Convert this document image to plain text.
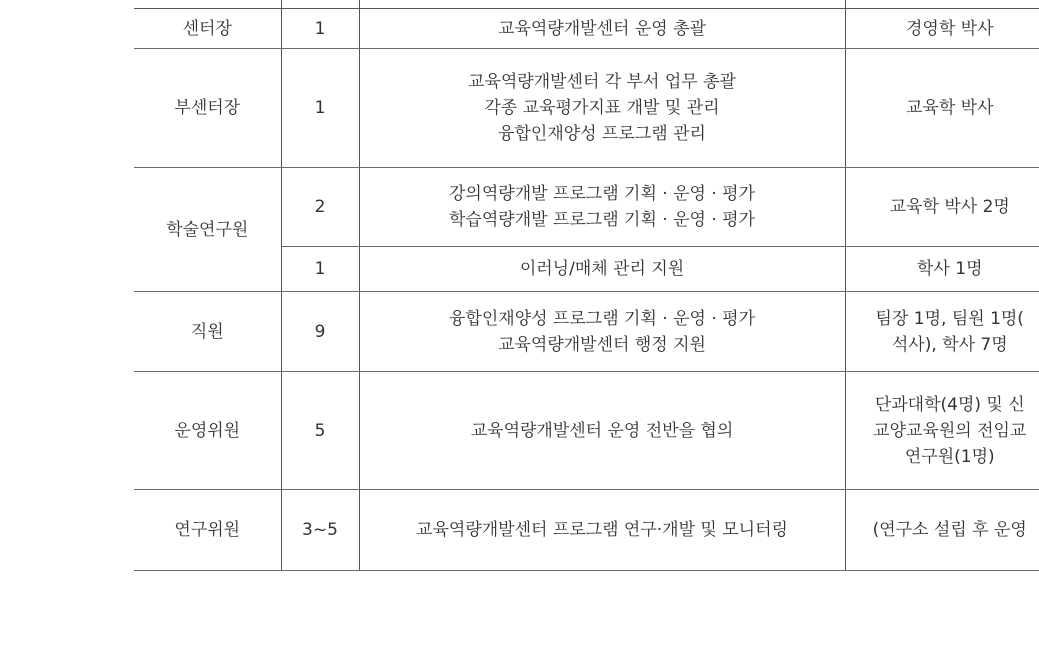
센터장	1	교육역량개발센터 운영 총괄	경영학 박사

부센터장	1	교육역량개발센터 각 부서 업무 총괄
각종 교육평가지표 개발 및 관리
융합인재양성 프로그램 관리	교육학 박사

학술연구원	2	강의역량개발 프로그램 기획 · 운영 · 평가
학습역량개발 프로그램 기획 · 운영 · 평가	교육학 박사 2명

	1	이러닝/매체 관리 지원	학사 1명

직원	9	융합인재양성 프로그램 기획 · 운영 · 평가
교육역량개발센터 행정 지원	팀장 1명, 팀원 1명(
석사), 학사 7명

운영위원	5	교육역량개발센터 운영 전반을 협의	단과대학(4명) 및 신
교양교육원의 전임교
연구원(1명)

연구위원	3~5	교육역량개발센터 프로그램 연구·개발 및 모니터링	(연구소 설립 후 운영
